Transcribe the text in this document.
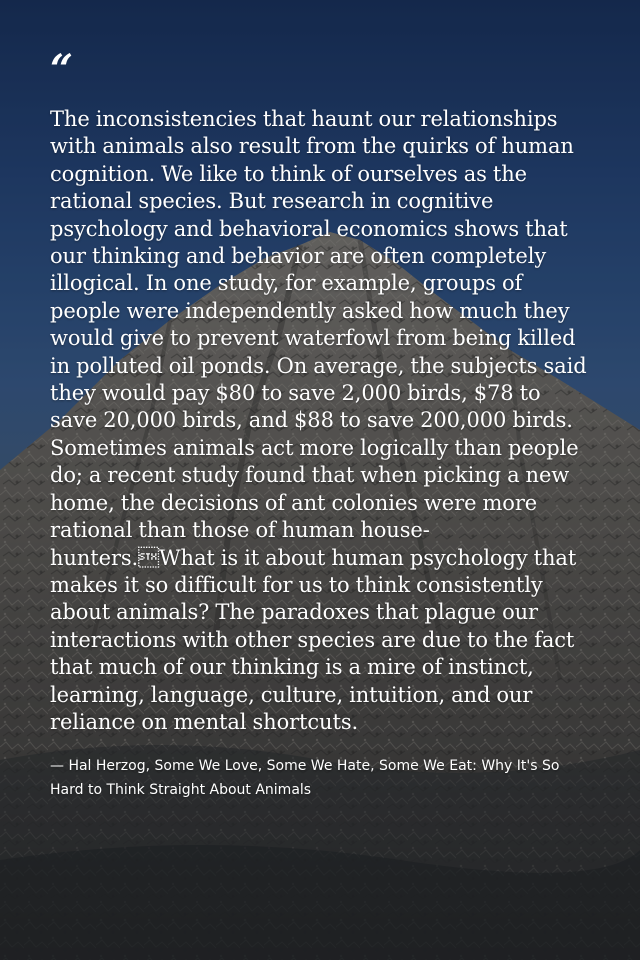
“

The inconsistencies that haunt our relationships with animals also result from the quirks of human cognition. We like to think of ourselves as the rational species. But research in cognitive psychology and behavioral economics shows that our thinking and behavior are often completely illogical. In one study, for example, groups of people were independently asked how much they would give to prevent waterfowl from being killed in polluted oil ponds. On average, the subjects said they would pay $80 to save 2,000 birds, $78 to save 20,000 birds, and $88 to save 200,000 birds. Sometimes animals act more logically than people do; a recent study found that when picking a new home, the decisions of ant colonies were more rational than those of human house-hunters.What is it about human psychology that makes it so difficult for us to think consistently about animals? The paradoxes that plague our interactions with other species are due to the fact that much of our thinking is a mire of instinct, learning, language, culture, intuition, and our reliance on mental shortcuts.

— Hal Herzog, Some We Love, Some We Hate, Some We Eat: Why It's So Hard to Think Straight About Animals
